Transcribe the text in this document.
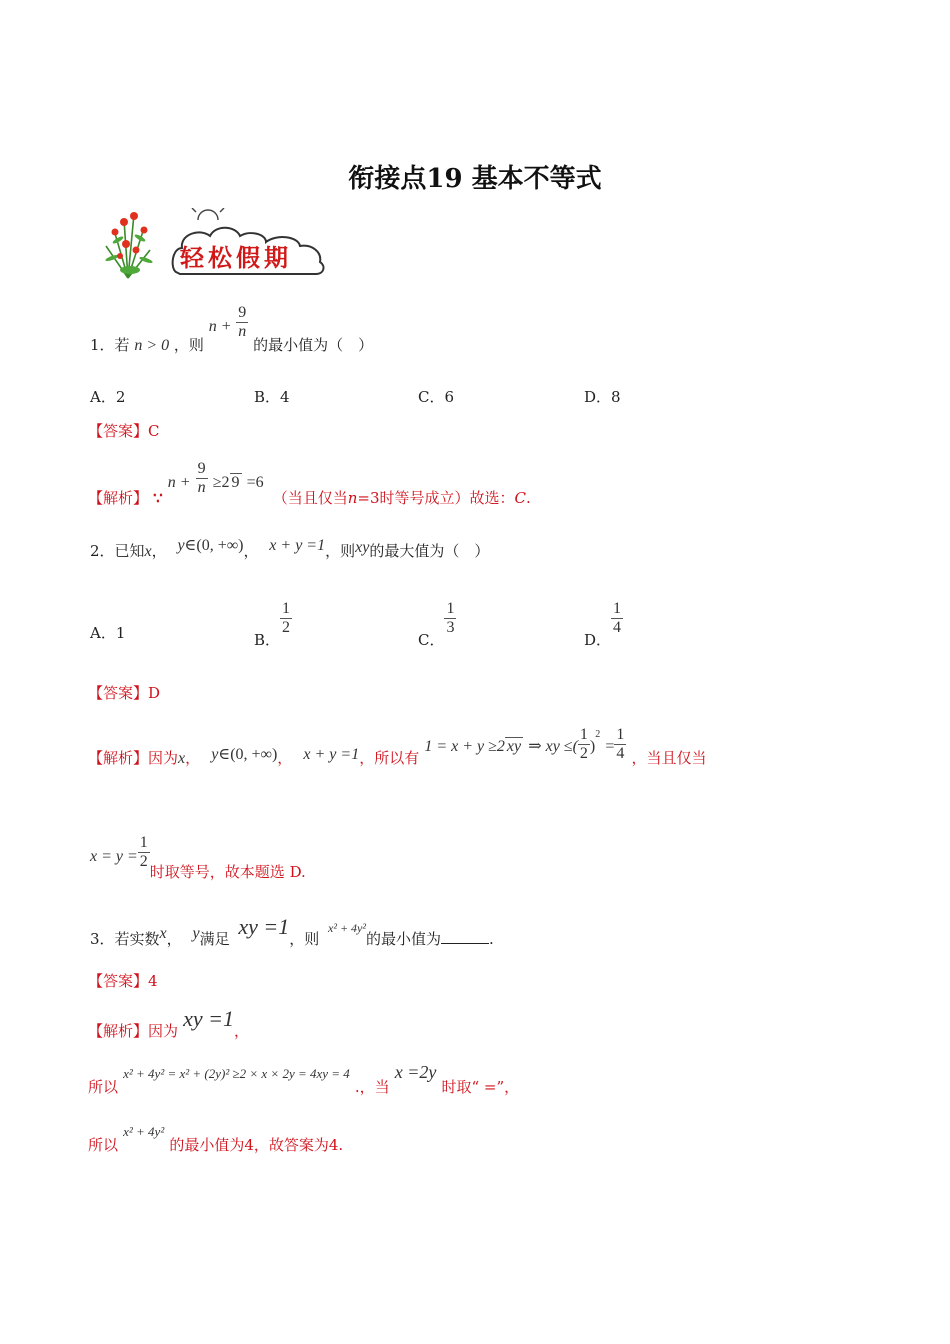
衔接点19 基本不等式
轻松假期
1．若 n > 0 ，则 $n + \frac{9}{n}$
的最小值为（　）
A．2	B．4	C．6	D．8
【答案】C
【解析】 ∵ $n + \frac{9}{n} \ge 2$ 9 =6 （当且仅当n=3时等号成立）故选：C.
2．已知x， y∈(0, +∞)， x + y =1，则xy的最大值为（　）
A．1	B．
$\frac{1}{2}$
C．
$\frac{1}{3}$
D．
$\frac{1}{4}$
【答案】D
【解析】因为x， y∈(0, +∞)， x + y =1，所以有 1 = x + y ≥2 xy ⇒ xy ≤( $\frac{1}{2} )^2 = \frac{1}{4}$ ，当且仅当
$x = y = \frac{1}{2}$
时取等号，故本题选 D.
3．若实数x， y满足 xy =1，则 x² + 4y²的最小值为	.
【答案】4
【解析】因为 xy =1，
所以 x² + 4y² = x² + (2y)² ≥2 × x × 2y = 4xy = 4 .，当 x =2y 时取“ =”，
所以 x² + 4y² 的最小值为4，故答案为4.
